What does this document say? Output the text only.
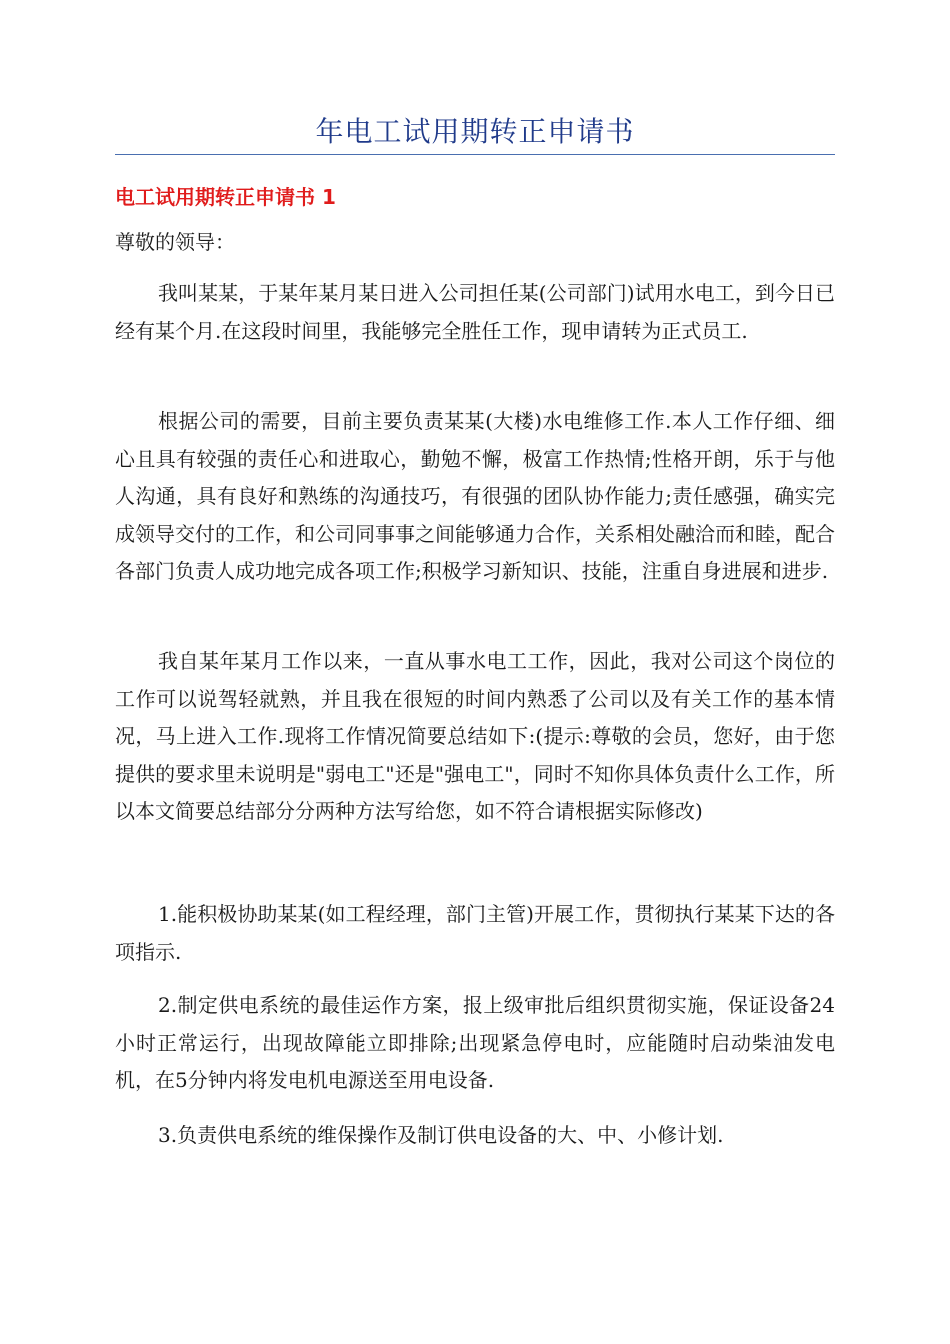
年电工试用期转正申请书
电工试用期转正申请书 1
尊敬的领导：

我叫某某，于某年某月某日进入公司担任某(公司部门)试用水电工，到今日已经有某个月.在这段时间里，我能够完全胜任工作，现申请转为正式员工.

根据公司的需要，目前主要负责某某(大楼)水电维修工作.本人工作仔细、细心且具有较强的责任心和进取心，勤勉不懈，极富工作热情;性格开朗，乐于与他人沟通，具有良好和熟练的沟通技巧，有很强的团队协作能力;责任感强，确实完成领导交付的工作，和公司同事事之间能够通力合作，关系相处融洽而和睦，配合各部门负责人成功地完成各项工作;积极学习新知识、技能，注重自身进展和进步.

我自某年某月工作以来，一直从事水电工工作，因此，我对公司这个岗位的工作可以说驾轻就熟，并且我在很短的时间内熟悉了公司以及有关工作的基本情况，马上进入工作.现将工作情况简要总结如下:(提示:尊敬的会员，您好，由于您提供的要求里未说明是"弱电工"还是"强电工"，同时不知你具体负责什么工作，所以本文简要总结部分分两种方法写给您，如不符合请根据实际修改)

1.能积极协助某某(如工程经理，部门主管)开展工作，贯彻执行某某下达的各项指示.

2.制定供电系统的最佳运作方案，报上级审批后组织贯彻实施，保证设备24小时正常运行，出现故障能立即排除;出现紧急停电时，应能随时启动柴油发电机，在5分钟内将发电机电源送至用电设备.

3.负责供电系统的维保操作及制订供电设备的大、中、小修计划.
